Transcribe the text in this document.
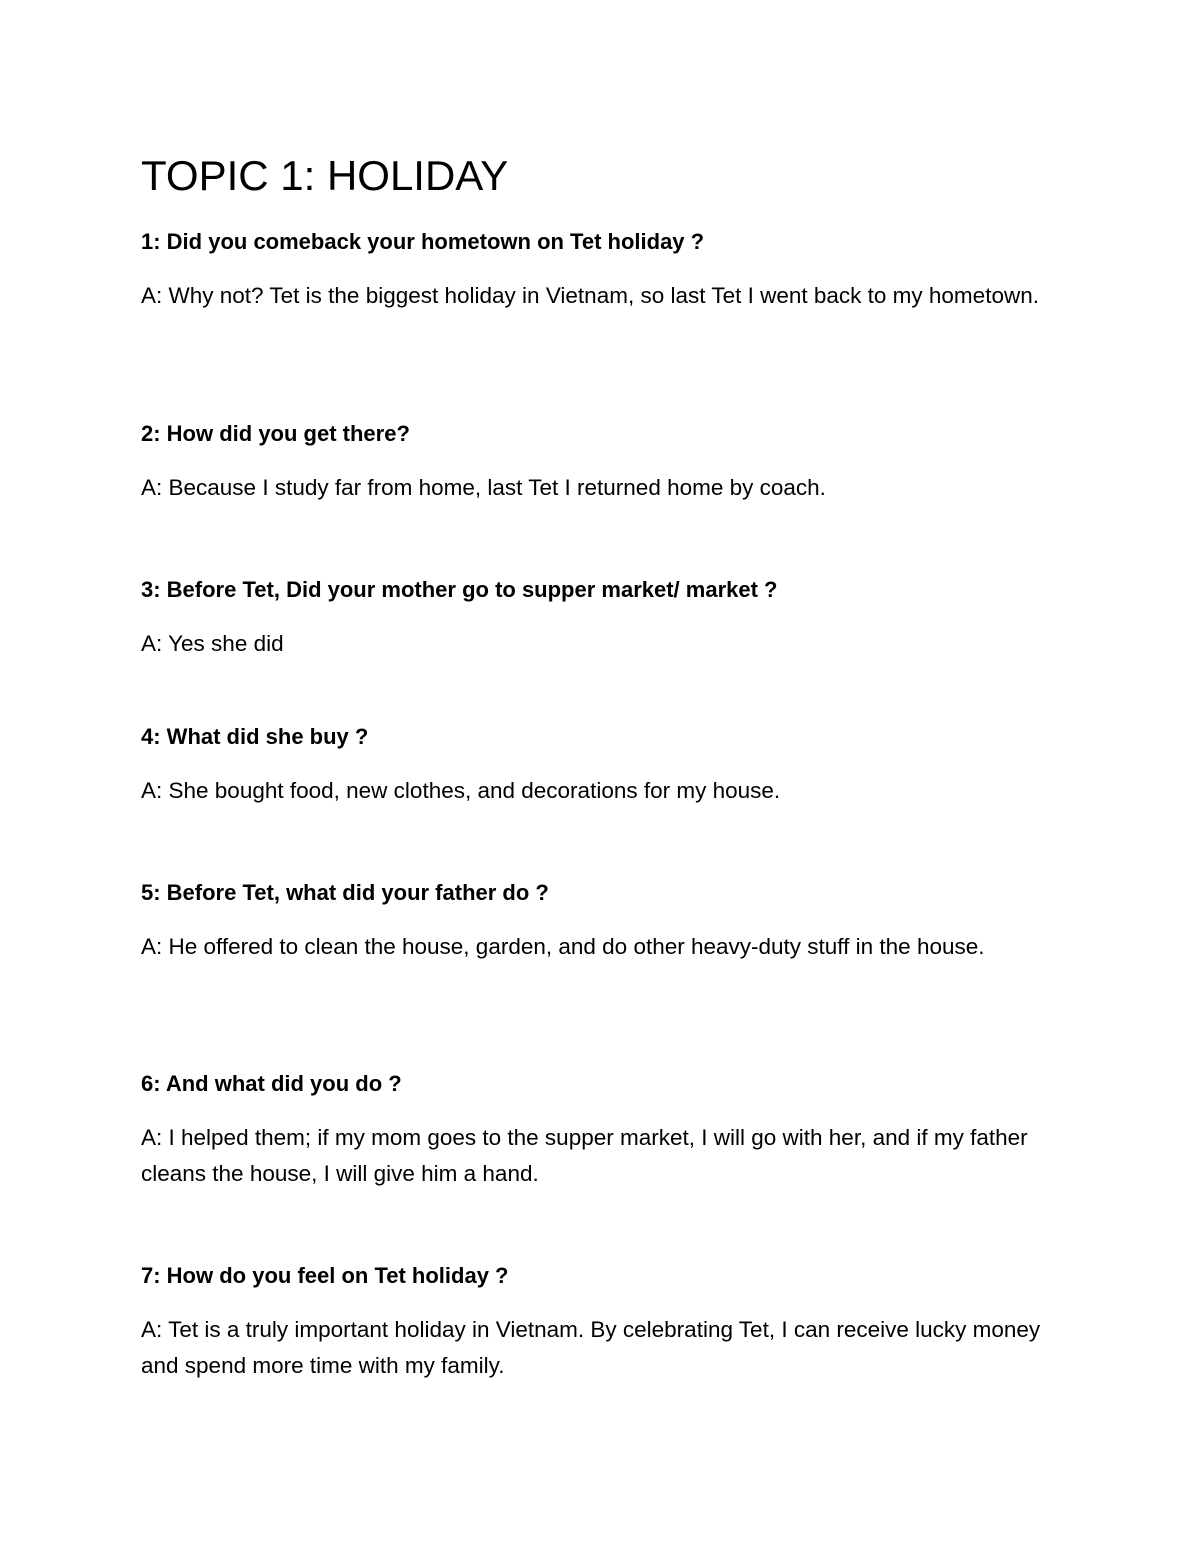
TOPIC 1: HOLIDAY

1: Did you comeback your hometown on Tet holiday ?

A: Why not? Tet is the biggest holiday in Vietnam, so last Tet I went back to my hometown.

2: How did you get there?

A: Because I study far from home, last Tet I returned home by coach.

3: Before Tet, Did your mother go to supper market/ market ?

A: Yes she did

4: What did she buy ?

A: She bought food, new clothes, and decorations for my house.

5: Before Tet, what did your father do ?

A: He offered to clean the house, garden, and do other heavy-duty stuff in the house.

6: And what did you do ?

A: I helped them; if my mom goes to the supper market, I will go with her, and if my father cleans the house, I will give him a hand.

7: How do you feel on Tet holiday ?

A: Tet is a truly important holiday in Vietnam. By celebrating Tet, I can receive lucky money and spend more time with my family.
